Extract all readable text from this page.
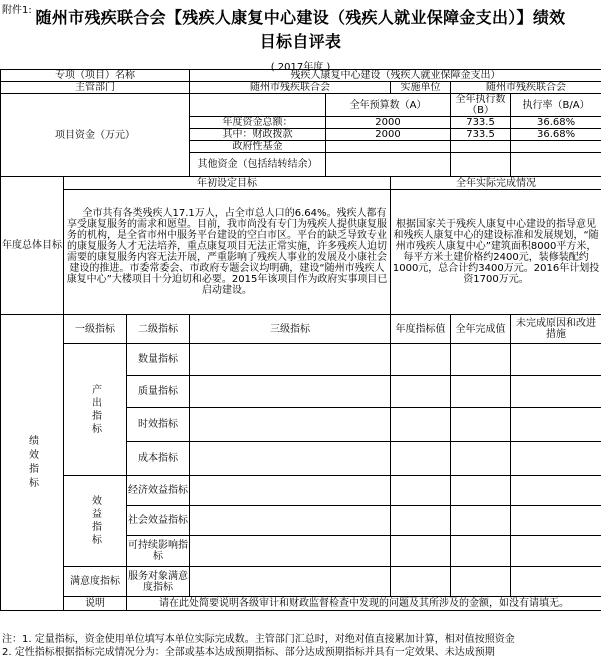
附件1: 随州市残疾联合会【残疾人康复中心建设（残疾人就业保障金支出）】绩效
目标自评表
( 2017年度 )
专项（项目）名称			残疾人康复中心建设（残疾人就业保障金支出）				
主管部门			随州市残疾联合会		实施单位	随州市残疾联合会	
项目资金（万元）				全年预算数（A）		全年执行数（B）	执行率（B/A）
			年度资金总额：	2000		733.5	36.68%
			其中：财政拨款	2000		733.5	36.68%
			政府性基金				
			其他资金（包括结转结余）				
年度总体目标	年初设定目标				全年实际完成情况		
	全市共有各类残疾人17.1万人，占全市总人口的6.64%。残疾人都有享受康复服务的需求和愿望。目前，我市尚没有专门为残疾人提供康复服务的机构，是全省市州中服务平台建设的空白市区。平台的缺乏导致专业的康复服务人才无法培养，重点康复项目无法正常实施，许多残疾人迫切需要的康复服务内容无法开展，严重影响了残疾人事业的发展及小康社会建设的推进。市委常委会、市政府专题会议均明确，建设“随州市残疾人康复中心”大楼项目十分迫切和必要。2015年该项目作为政府实事项目已启动建设。				根据国家关于残疾人康复中心建设的指导意见和残疾人康复中心的建设标准和发展规划，“随州市残疾人康复中心”建筑面积8000平方米，每平方米土建价格约2400元，装修装配约1000元，总合计约3400万元。2016年计划投资1700万元。		

绩效指标	一级指标	二级指标	三级指标		年度指标值	全年完成值	未完成原因和改进措施

	产出指标	数量指标					
		质量指标					
		时效指标					
		成本指标					

	效益指标	经济效益指标					
		社会效益指标					
		可持续影响指标					
	满意度指标	服务对象满意度指标					
	说明	请在此处简要说明各级审计和财政监督检查中发现的问题及其所涉及的金额，如没有请填无。					
注：1. 定量指标，资金使用单位填写本单位实际完成数。主管部门汇总时，对绝对值直接累加计算，相对值按照资金
2. 定性指标根据指标完成情况分为：全部或基本达成预期指标、部分达成预期指标并具有一定效果、未达成预期
